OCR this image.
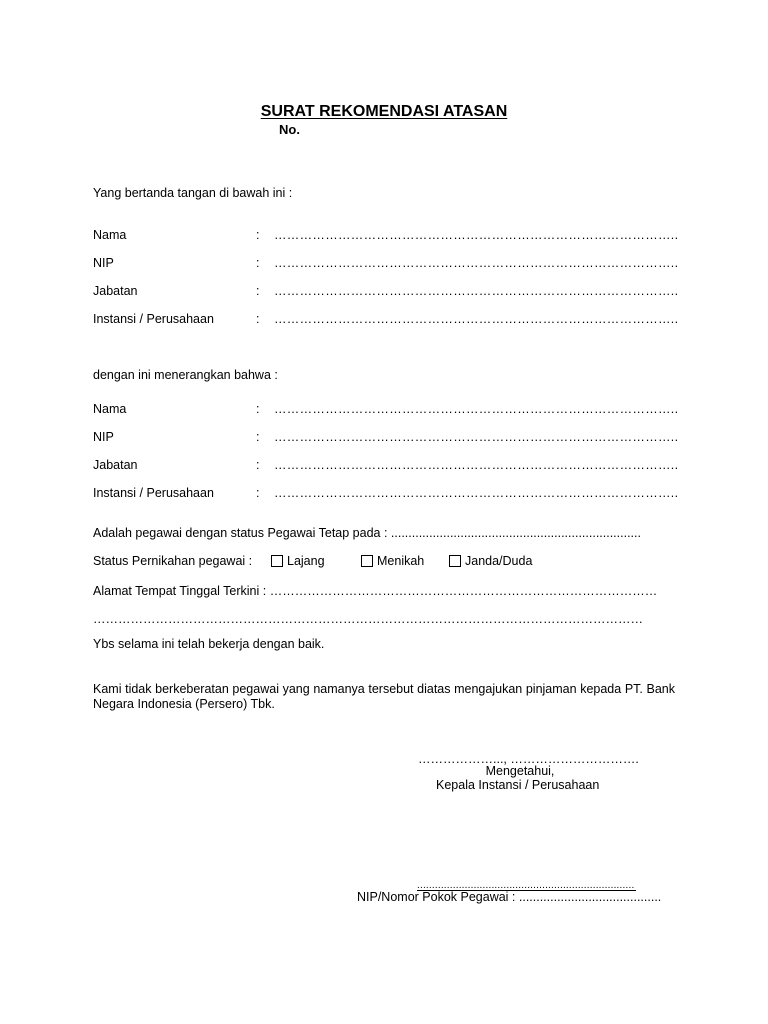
SURAT REKOMENDASI ATASAN
No.
Yang bertanda tangan di bawah ini :
Nama	: …………………………………………………………………………………..
NIP	: …………………………………………………………………………………..
Jabatan	: …………………………………………………………………………………..
Instansi / Perusahaan	: …………………………………………………………………………………..
dengan ini menerangkan bahwa :
Nama	: …………………………………………………………………………………..
NIP	: …………………………………………………………………………………..
Jabatan	: …………………………………………………………………………………..
Instansi / Perusahaan	: …………………………………………………………………………………..
Adalah pegawai dengan status Pegawai Tetap pada : ........................................................................
Status Pernikahan pegawai :	Lajang	Menikah	Janda/Duda
Alamat Tempat Tinggal Terkini : …………………………………………………………………………………
……………………………………………………………………………………………………………………
Ybs selama ini telah bekerja dengan baik.
Kami tidak berkeberatan pegawai yang namanya tersebut diatas mengajukan pinjaman kepada PT. Bank Negara Indonesia (Persero) Tbk.
………………..., ………………………….
Mengetahui,
Kepala Instansi / Perusahaan
.........................................................................
NIP/Nomor Pokok Pegawai : .........................................
